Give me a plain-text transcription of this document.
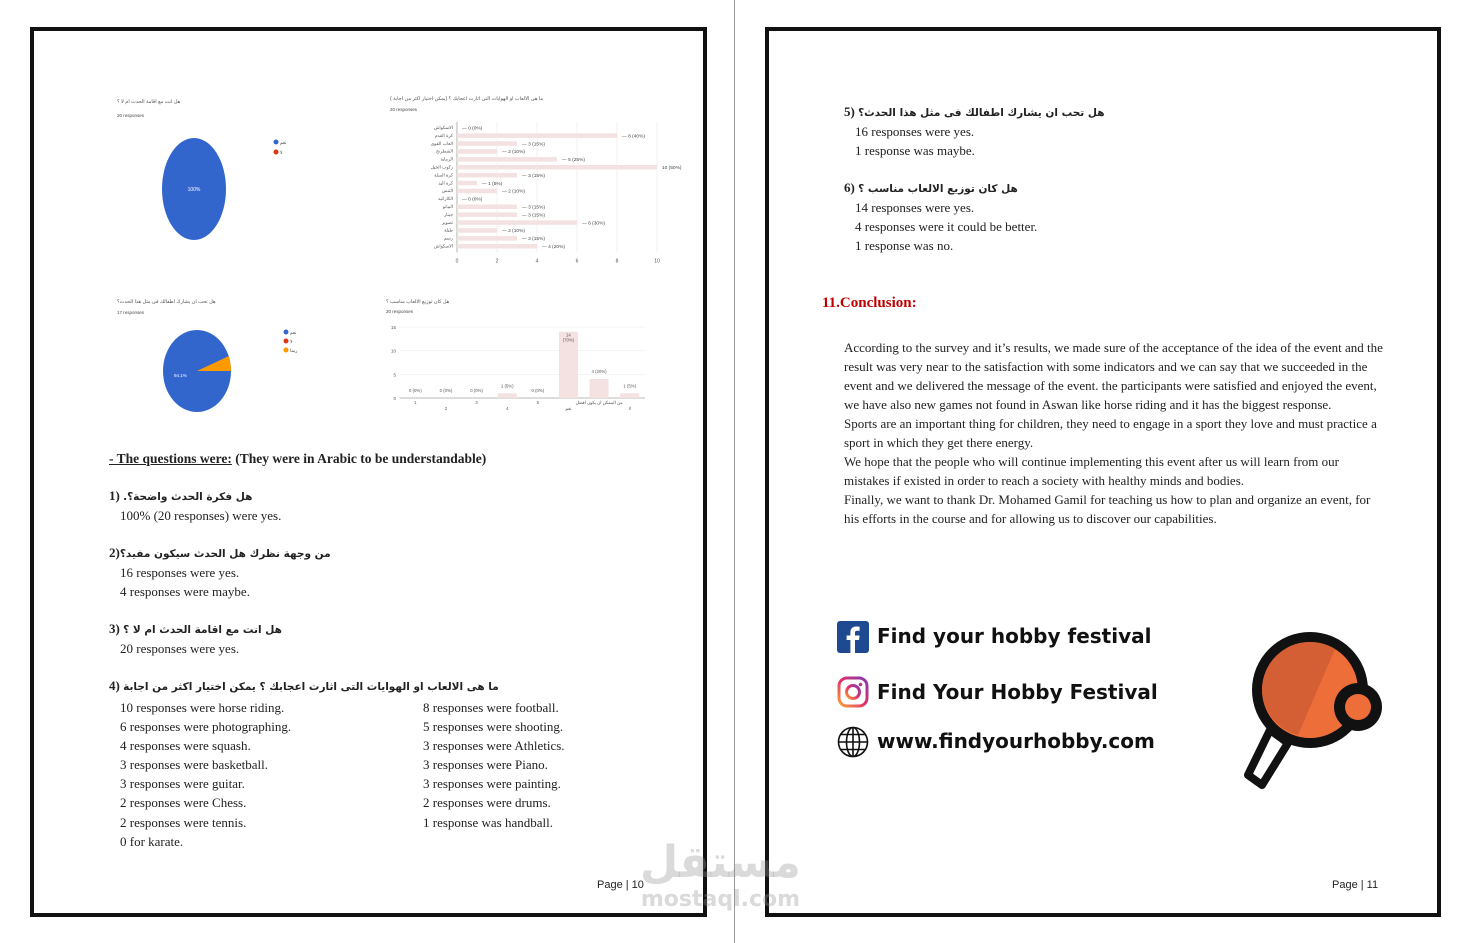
هل انت مع اقامة الحدث ام لا ؟
20 responses
100%
نعم
لا
( ما هى الالعاب او الهوايات التى اثارت اعجابك ؟ (يمكن اختيار اكثر من اجابة
20 responses
0	2	4	6	8	10
الاسكواش — 0 (0%)
كرة القدم	— 8 (40%)
العاب القوى	— 3 (15%)
الشطرنج	— 2 (10%)
الرماية	— 5 (25%)
ركوب الخيل	10 (50%)
كرة السلة	— 3 (15%)
كرة اليد	— 1 (5%)
التنس	— 2 (10%)
الكاراتيه — 0 (0%)
البيانو	— 3 (15%)
جيتار	— 3 (15%)
تصوير	— 6 (30%)
طبلة	— 2 (10%)
رسم	— 3 (15%)
الاسكواش	— 4 (20%)
هل تحب ان يشارك اطفالك فى مثل هذا الحدث؟
17 responses
94.1%
نعم
لا
ربما
هل كان توزيع الالعاب مناسب ؟
20 responses
0
5
10
15
0 (0%)
1
0 (0%)
2
0 (0%)
3
1 (5%)
4
0 (0%)
5
14
(70%)
نعم
4 (20%)
من الممكن ان يكون افضل
1 (5%)
لا
- The questions were: (They were in Arabic to be understandable)
1) هل فكرة الحدث واضحة؟.
100% (20 responses) were yes.
2)من وجهة نظرك هل الحدث سيكون مفيد؟
16 responses were yes.
4 responses were maybe.
3) هل انت مع اقامة الحدث ام لا ؟
20 responses were yes.
4) ما هى الالعاب او الهوايات التى اثارت اعجابك ؟ يمكن اختيار اكثر من اجابة
10 responses were horse riding.
6 responses were photographing.
4 responses were squash.
3 responses were basketball.
3 responses were guitar.
2 responses were Chess.
2 responses were tennis.
0 for karate.
8 responses were football.
5 responses were shooting.
3 responses were Athletics.
3 responses were Piano.
3 responses were painting.
2 responses were drums.
1 response was handball.
Page | 10
5) هل تحب ان يشارك اطفالك فى مثل هذا الحدث؟
16 responses were yes.
1 response was maybe.
6) هل كان توزيع الالعاب مناسب ؟
14 responses were yes.
4 responses were it could be better.
1 response was no.
11.Conclusion:
According to the survey and it’s results, we made sure of the acceptance of the idea of the event and the result was very near to the satisfaction with some indicators and we can say that we succeeded in the event and we delivered the message of the event. the participants were satisfied and enjoyed the event, we have also new games not found in Aswan like horse riding and it has the biggest response.
Sports are an important thing for children, they need to engage in a sport they love and must practice a sport in which they get there energy.
We hope that the people who will continue implementing this event after us will learn from our mistakes if existed in order to reach a society with healthy minds and bodies.
Finally, we want to thank Dr. Mohamed Gamil for teaching us how to plan and organize an event, for his efforts in the course and for allowing us to discover our capabilities.
Find your hobby festival
Find Your Hobby Festival
www.findyourhobby.com
Page | 11
مستقل
mostaql.com
